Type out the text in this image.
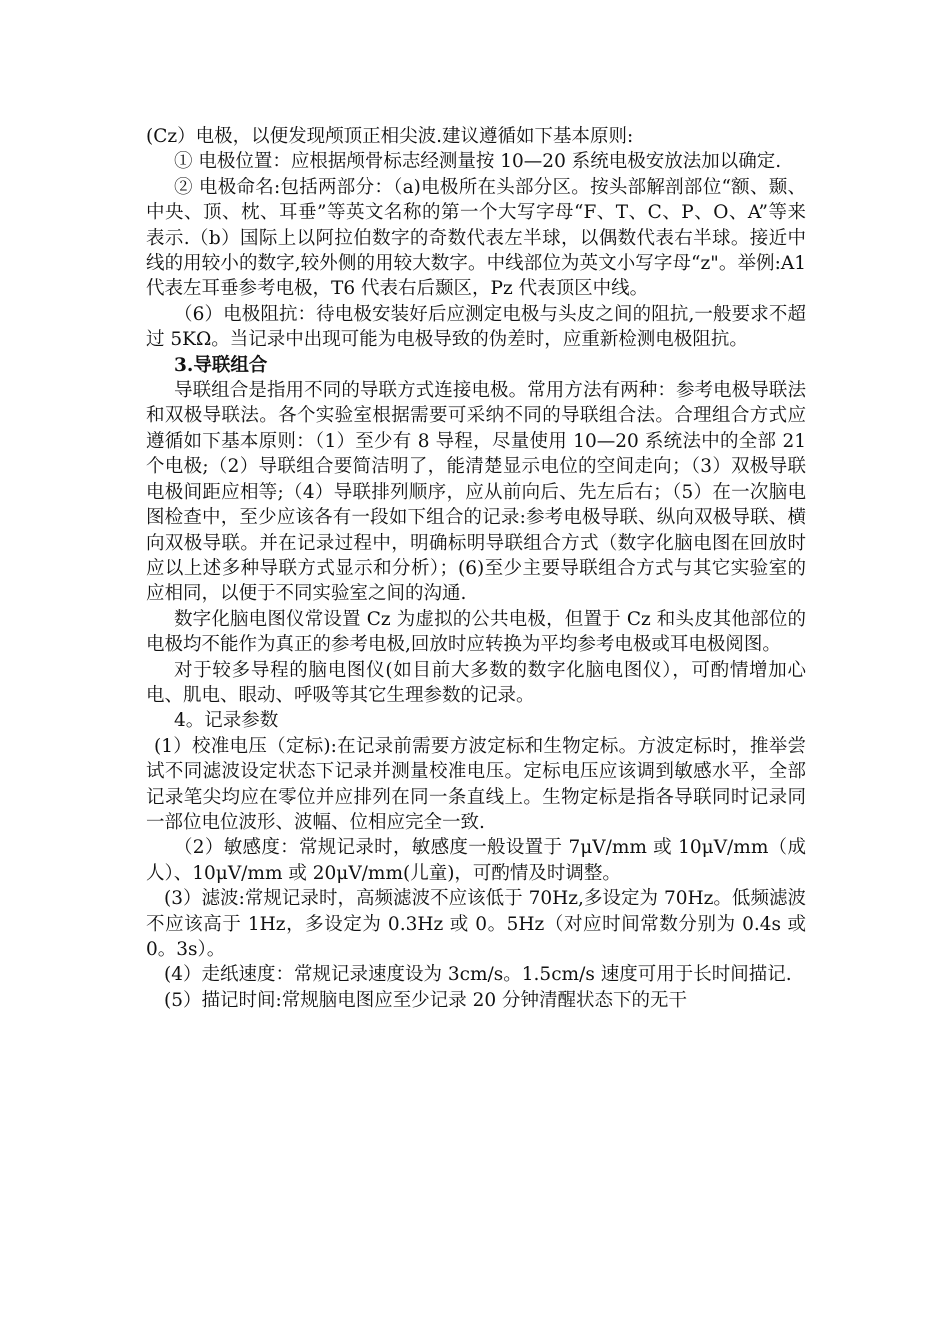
(Cz）电极，以便发现颅顶正相尖波.建议遵循如下基本原则:

① 电极位置：应根据颅骨标志经测量按 10—20 系统电极安放法加以确定.

② 电极命名:包括两部分：（a)电极所在头部分区。按头部解剖部位“额、颞、中央、顶、枕、耳垂”等英文名称的第一个大写字母“F、T、C、P、O、A”等来表示.（b）国际上以阿拉伯数字的奇数代表左半球，以偶数代表右半球。接近中线的用较小的数字,较外侧的用较大数字。中线部位为英文小写字母“z"。举例:A1 代表左耳垂参考电极，T6 代表右后颞区，Pz 代表顶区中线。

（6）电极阻抗：待电极安装好后应测定电极与头皮之间的阻抗,一般要求不超过 5KΩ。当记录中出现可能为电极导致的伪差时，应重新检测电极阻抗。

3.导联组合

导联组合是指用不同的导联方式连接电极。常用方法有两种：参考电极导联法和双极导联法。各个实验室根据需要可采纳不同的导联组合法。合理组合方式应遵循如下基本原则：（1）至少有 8 导程，尽量使用 10—20 系统法中的全部 21 个电极;（2）导联组合要简洁明了，能清楚显示电位的空间走向；（3）双极导联电极间距应相等;（4）导联排列顺序，应从前向后、先左后右；（5）在一次脑电图检查中，至少应该各有一段如下组合的记录:参考电极导联、纵向双极导联、横向双极导联。并在记录过程中，明确标明导联组合方式（数字化脑电图在回放时应以上述多种导联方式显示和分析）；(6)至少主要导联组合方式与其它实验室的应相同，以便于不同实验室之间的沟通.

数字化脑电图仪常设置 Cz 为虚拟的公共电极，但置于 Cz 和头皮其他部位的电极均不能作为真正的参考电极,回放时应转换为平均参考电极或耳电极阅图。

对于较多导程的脑电图仪(如目前大多数的数字化脑电图仪），可酌情增加心电、肌电、眼动、呼吸等其它生理参数的记录。

4。记录参数

(1）校准电压（定标):在记录前需要方波定标和生物定标。方波定标时，推举尝试不同滤波设定状态下记录并测量校准电压。定标电压应该调到敏感水平，全部记录笔尖均应在零位并应排列在同一条直线上。生物定标是指各导联同时记录同一部位电位波形、波幅、位相应完全一致.

（2）敏感度：常规记录时，敏感度一般设置于 7μV/mm 或 10μV/mm（成人）、10μV/mm 或 20μV/mm(儿童)，可酌情及时调整。

(3）滤波:常规记录时，高频滤波不应该低于 70Hz,多设定为 70Hz。低频滤波不应该高于 1Hz，多设定为 0.3Hz 或 0。5Hz（对应时间常数分别为 0.4s 或 0。3s）。

(4）走纸速度：常规记录速度设为 3cm/s。1.5cm/s 速度可用于长时间描记.

(5）描记时间:常规脑电图应至少记录 20 分钟清醒状态下的无干
